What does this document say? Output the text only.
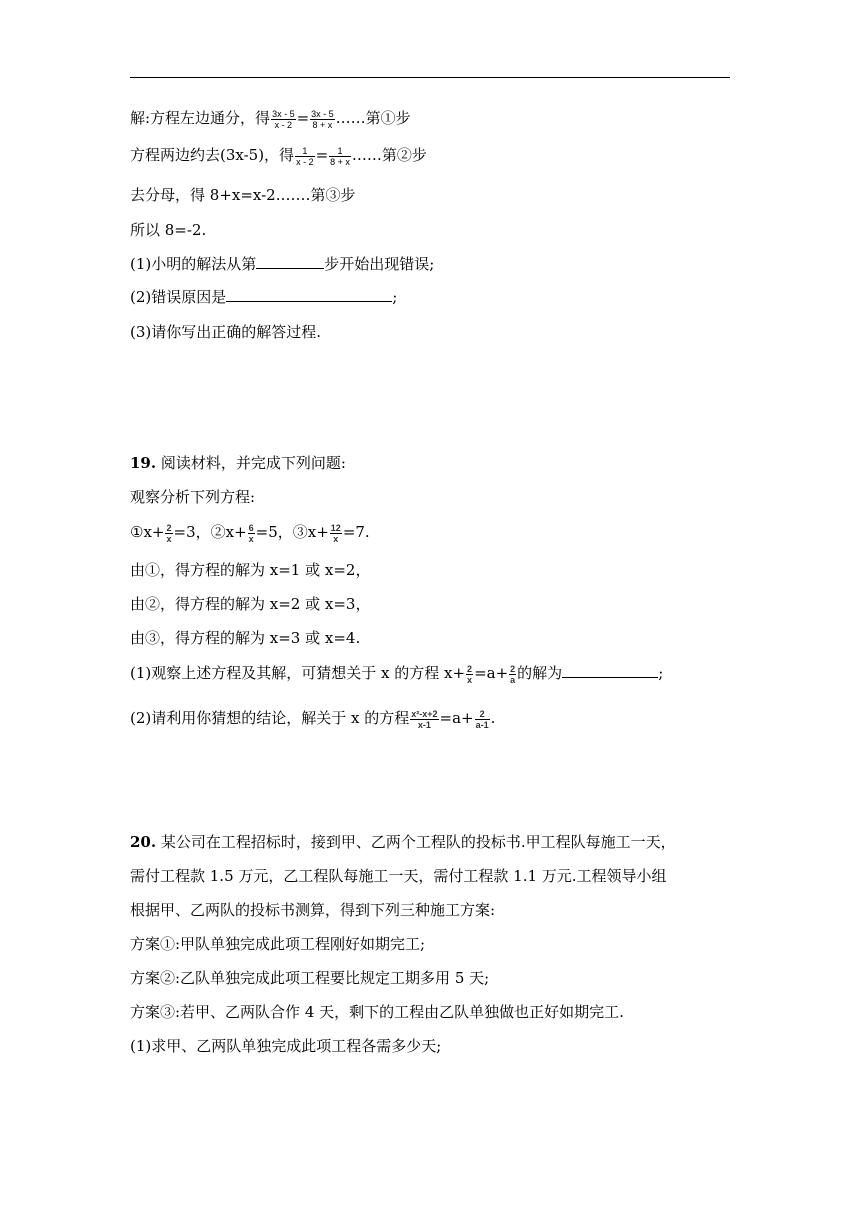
解:方程左边通分，得 $\frac{3x - 5}{x - 2} = \frac{3x - 5}{8 + x}$ ……第①步
方程两边约去(3x-5)，得 $\frac{1}{x - 2} = \frac{1}{8 + x}$ ……第②步
去分母，得 8+x=x-2.……第③步
所以 8=-2.
(1)小明的解法从第	步开始出现错误;
(2)错误原因是	;
(3)请你写出正确的解答过程.
19. 阅读材料，并完成下列问题:
观察分析下列方程:
①x+ $\frac{2}{x} =3$，②x+ $\frac{6}{x} =5$，③x+ $\frac{12}{x} =7$.
由①，得方程的解为 x=1 或 x=2，
由②，得方程的解为 x=2 或 x=3，
由③，得方程的解为 x=3 或 x=4.
(1)观察上述方程及其解，可猜想关于 x 的方程 $x+ \frac{2}{x} =a+ \frac{2}{a}$ 的解为	;
(2)请利用你猜想的结论，解关于 x 的方程 $\frac{\text{x²-x+2}}{x-1} =a+ \frac{2}{a-1}$ .
20. 某公司在工程招标时，接到甲、乙两个工程队的投标书.甲工程队每施工一天，
需付工程款 1.5 万元，乙工程队每施工一天，需付工程款 1.1 万元.工程领导小组
根据甲、乙两队的投标书测算，得到下列三种施工方案:
方案①:甲队单独完成此项工程刚好如期完工;
方案②:乙队单独完成此项工程要比规定工期多用 5 天;
方案③:若甲、乙两队合作 4 天，剩下的工程由乙队单独做也正好如期完工.
(1)求甲、乙两队单独完成此项工程各需多少天;
